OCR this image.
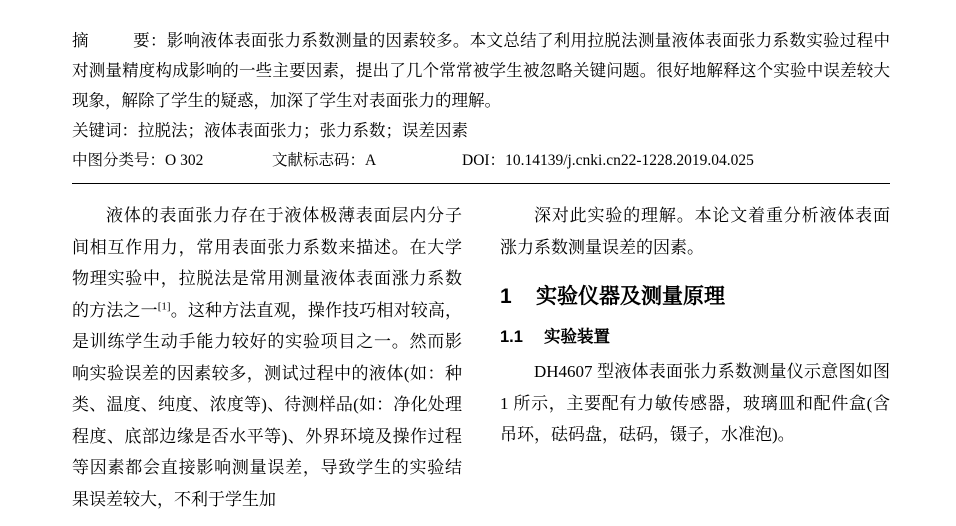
摘	要：影响液体表面张力系数测量的因素较多。本文总结了利用拉脱法测量液体表面张力系数实验过程中对测量精度构成影响的一些主要因素，提出了几个常常被学生被忽略关键问题。很好地解释这个实验中误差较大现象，解除了学生的疑惑，加深了学生对表面张力的理解。

关键词：拉脱法；液体表面张力；张力系数；误差因素

中图分类号：O 302	文献标志码：A	DOI：10.14139/j.cnki.cn22-1228.2019.04.025

液体的表面张力存在于液体极薄表面层内分子间相互作用力，常用表面张力系数来描述。在大学物理实验中，拉脱法是常用测量液体表面涨力系数的方法之一[1]。这种方法直观，操作技巧相对较高，是训练学生动手能力较好的实验项目之一。然而影响实验误差的因素较多，测试过程中的液体(如：种类、温度、纯度、浓度等)、待测样品(如：净化处理程度、底部边缘是否水平等)、外界环境及操作过程等因素都会直接影响测量误差，导致学生的实验结果误差较大，不利于学生加

深对此实验的理解。本论文着重分析液体表面涨力系数测量误差的因素。

1	实验仪器及测量原理
1.1	实验装置

DH4607 型液体表面张力系数测量仪示意图如图 1 所示，主要配有力敏传感器，玻璃皿和配件盒(含吊环，砝码盘，砝码，镊子，水准泡)。
